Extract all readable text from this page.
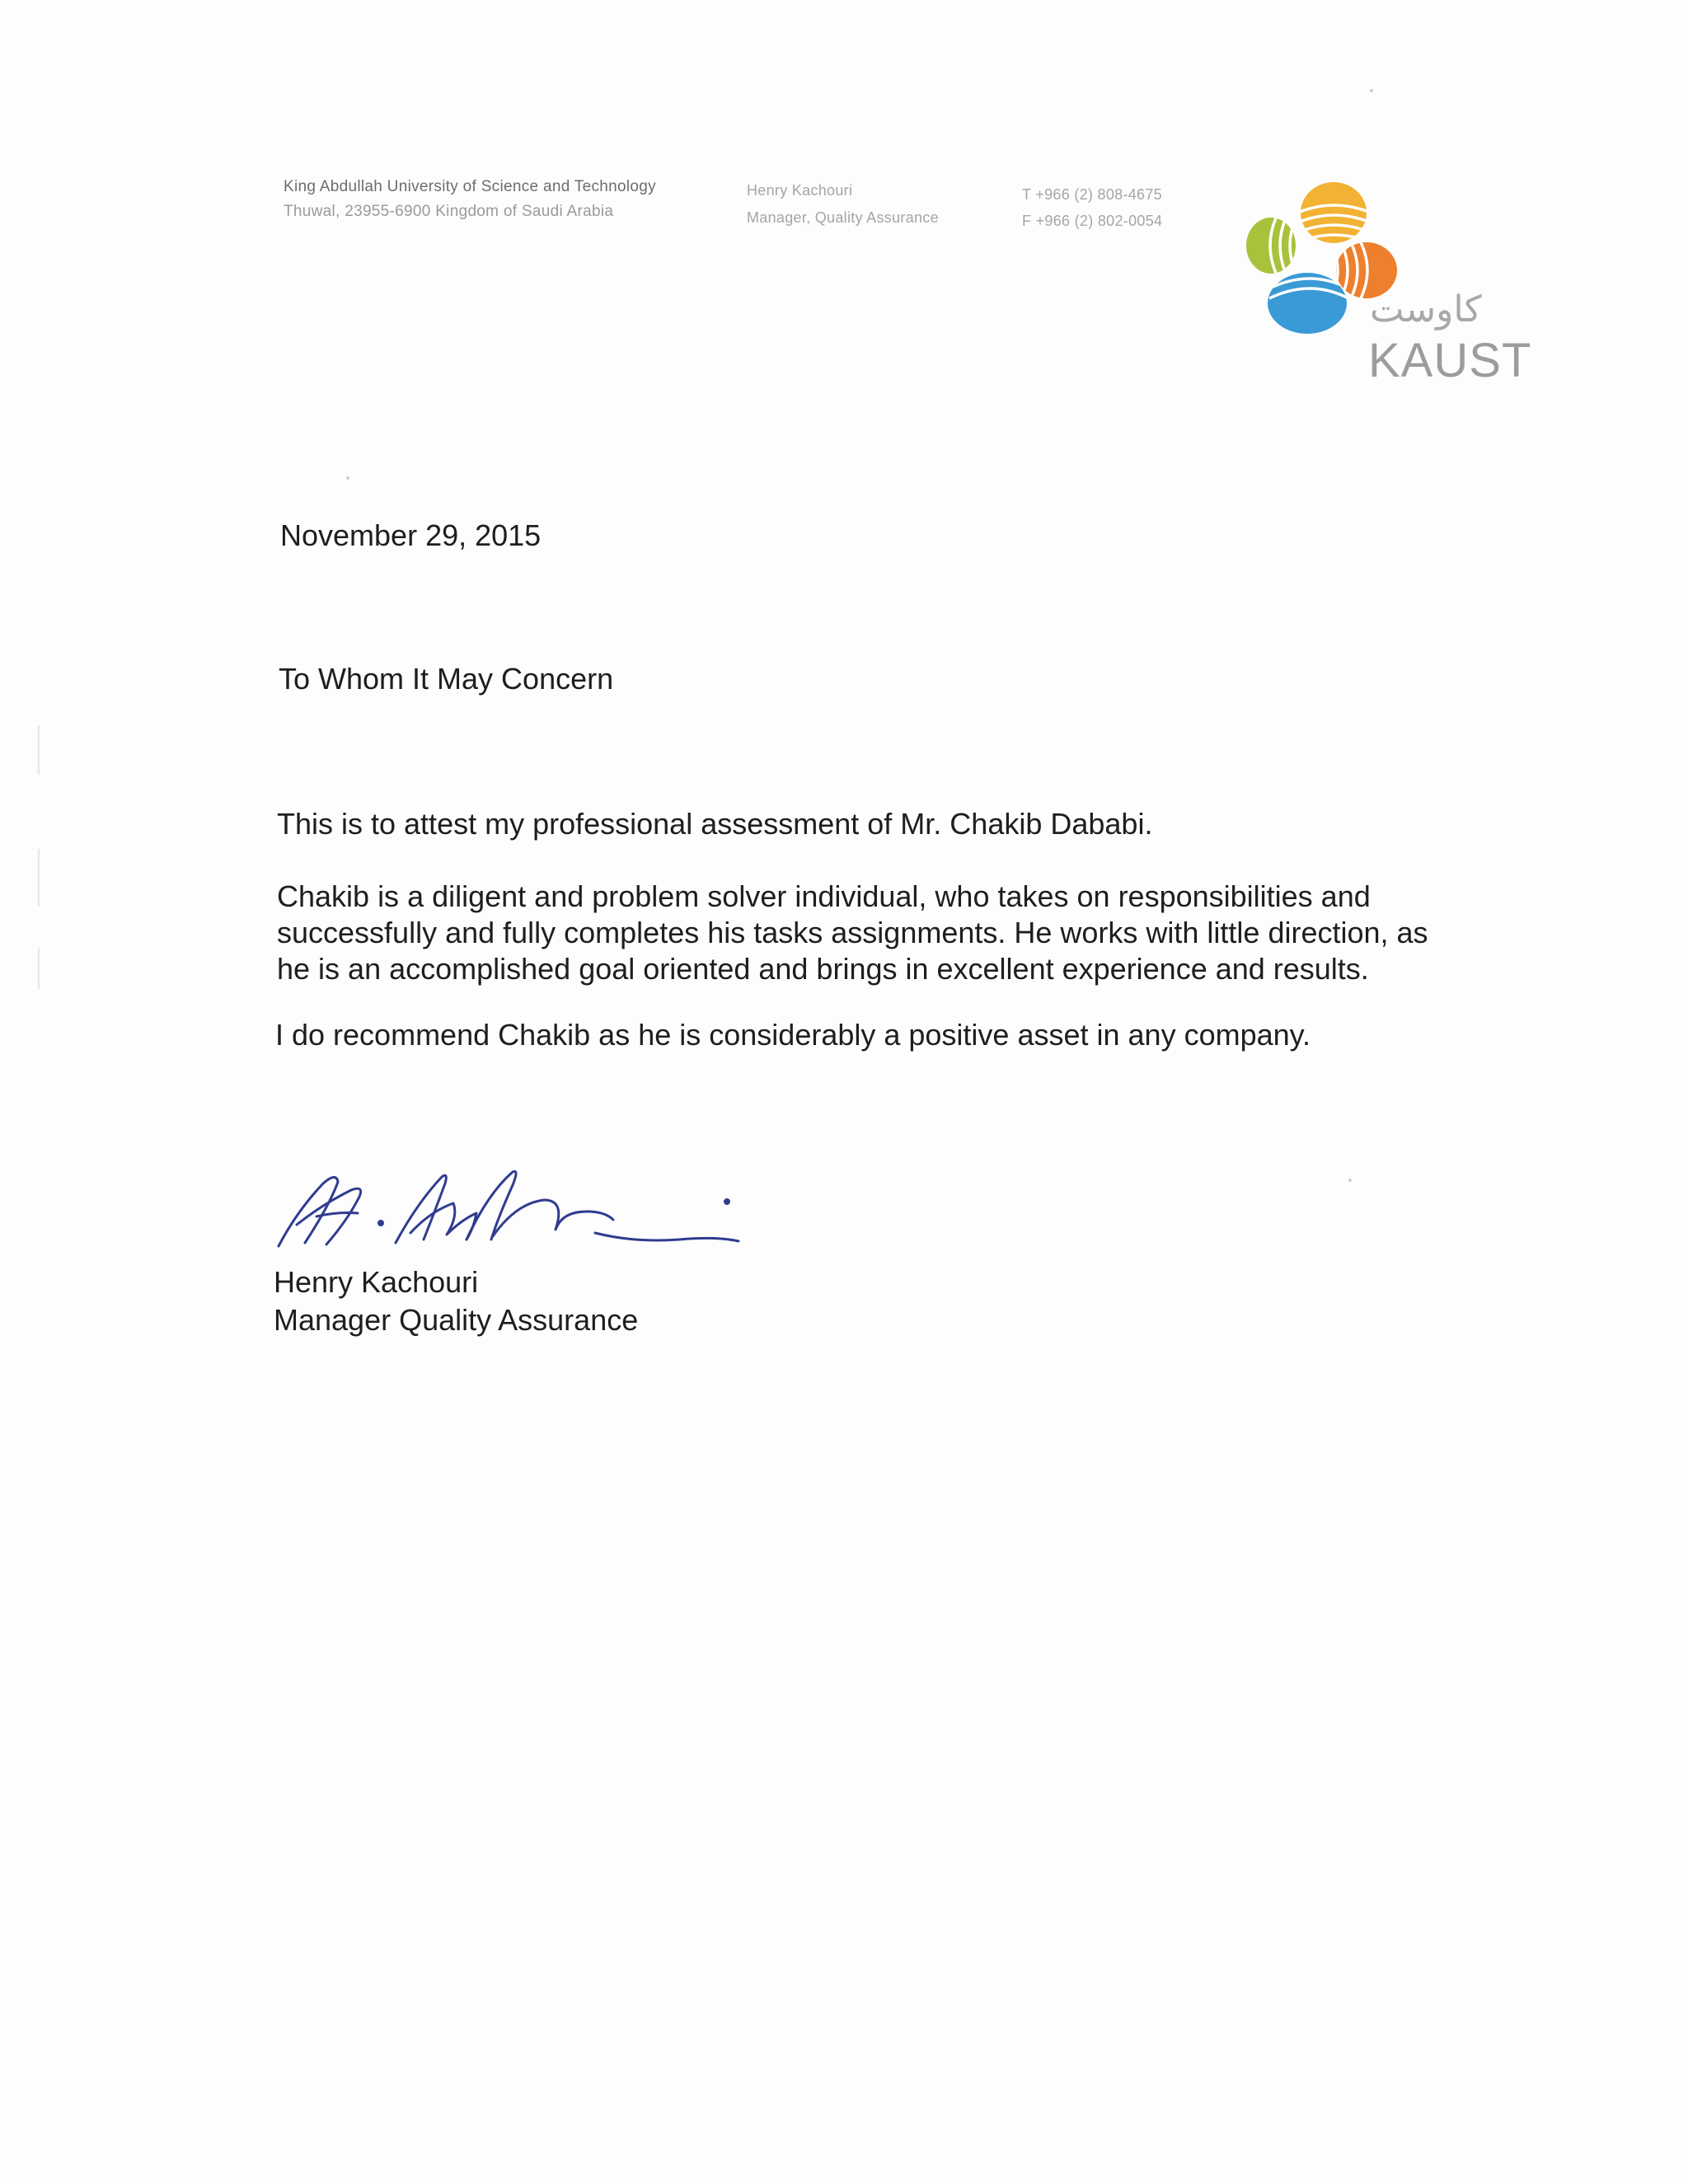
King Abdullah University of Science and Technology
Thuwal, 23955-6900 Kingdom of Saudi Arabia
Henry Kachouri
Manager, Quality Assurance
T +966 (2) 808-4675
F +966 (2) 802-0054
كاوست
KAUST
November 29, 2015
To Whom It May Concern
This is to attest my professional assessment of Mr. Chakib Dababi.
Chakib is a diligent and problem solver individual, who takes on responsibilities and
successfully and fully completes his tasks assignments. He works with little direction, as
he is an accomplished goal oriented and brings in excellent experience and results.
I do recommend Chakib as he is considerably a positive asset in any company.
Henry Kachouri
Manager Quality Assurance
